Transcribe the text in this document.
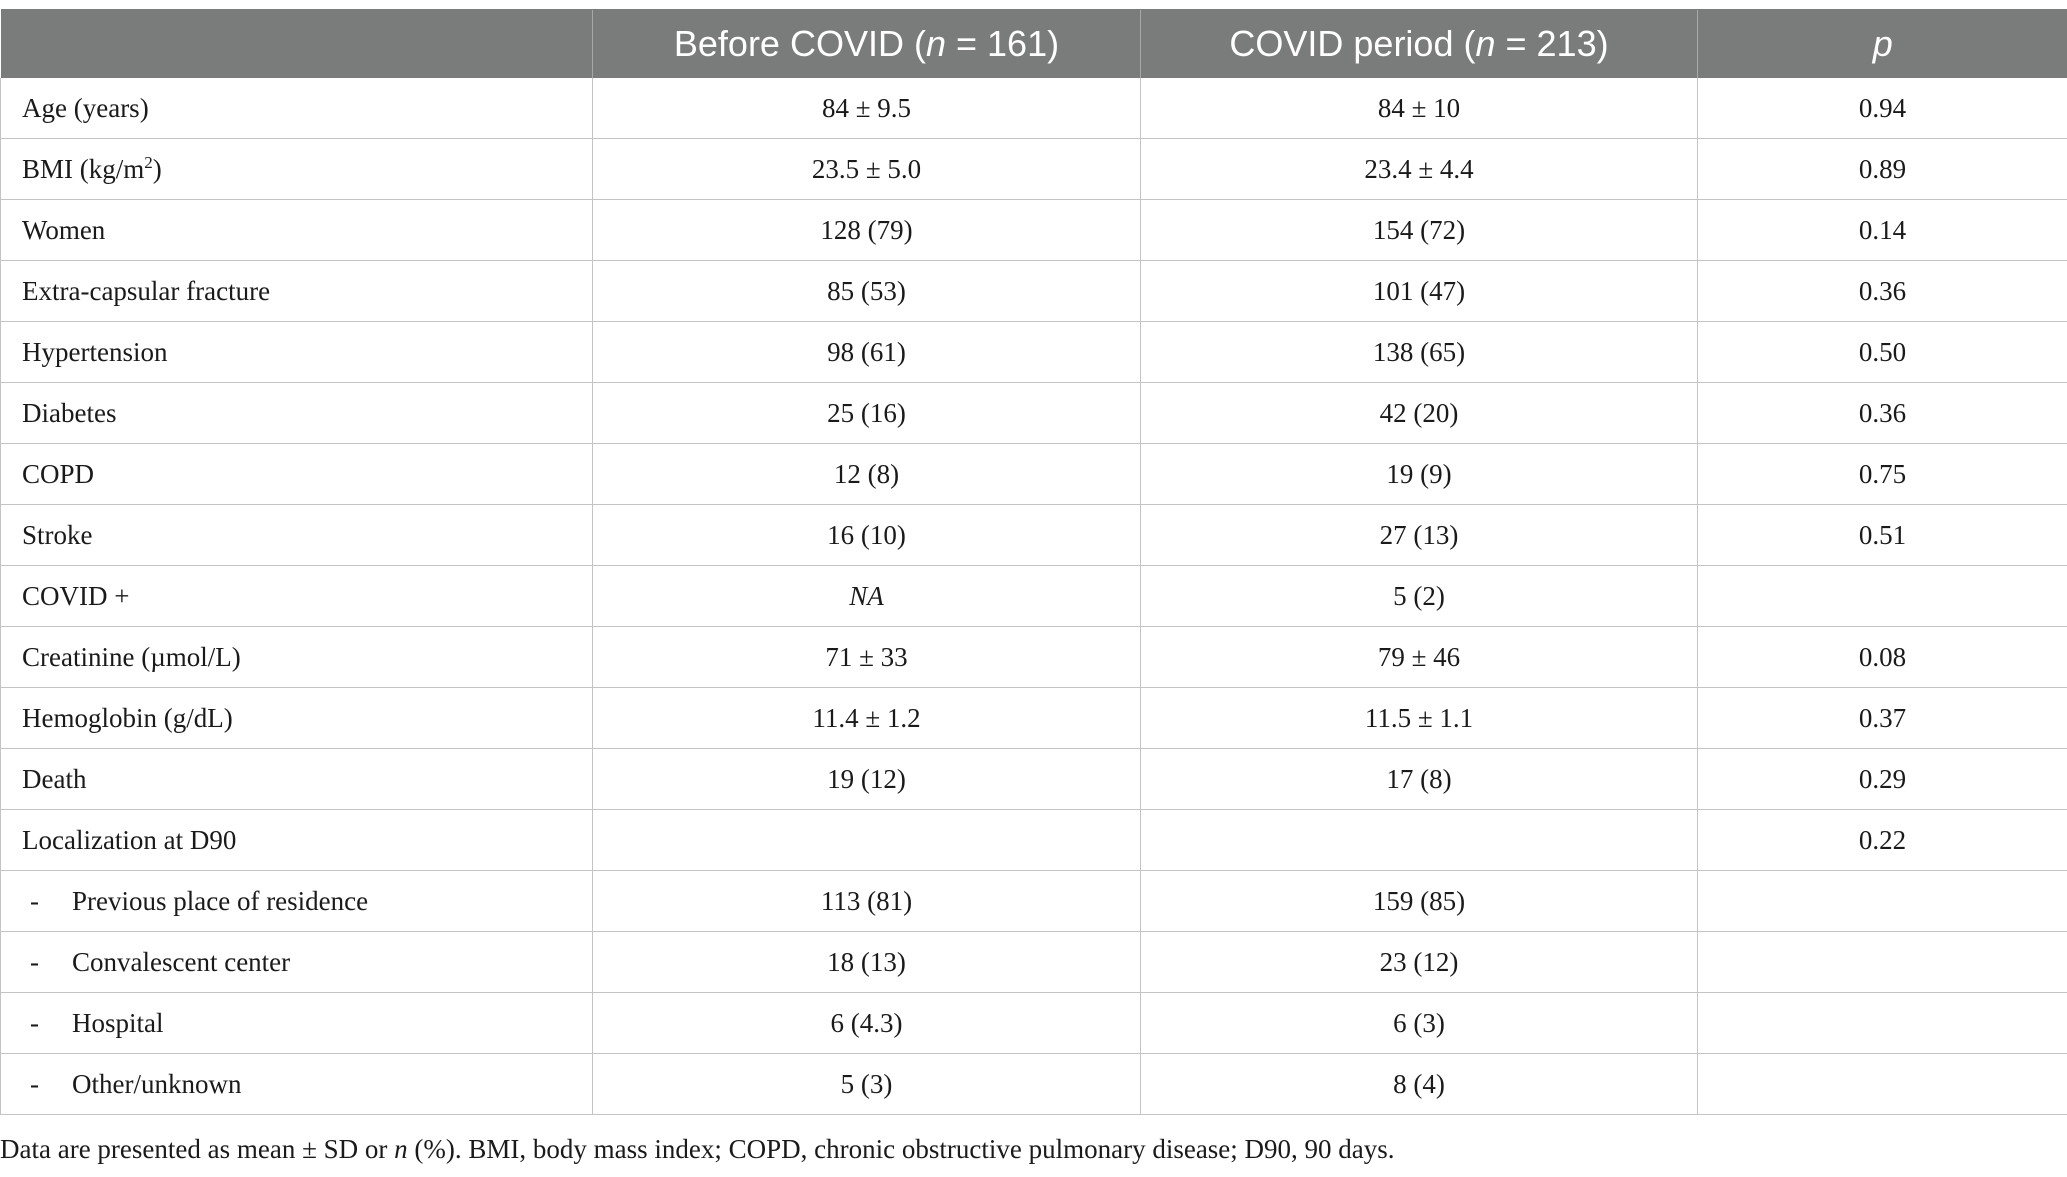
	Before COVID (n = 161)	COVID period (n = 213)	p
Age (years)	84 ± 9.5	84 ± 10	0.94
BMI $(kg/m^2)$	23.5 ± 5.0	23.4 ± 4.4	0.89
Women	128 (79)	154 (72)	0.14
Extra-capsular fracture	85 (53)	101 (47)	0.36
Hypertension	98 (61)	138 (65)	0.50
Diabetes	25 (16)	42 (20)	0.36
COPD	12 (8)	19 (9)	0.75
Stroke	16 (10)	27 (13)	0.51
COVID +	NA	5 (2)	
Creatinine (µmol/L)	71 ± 33	79 ± 46	0.08
Hemoglobin (g/dL)	11.4 ± 1.2	11.5 ± 1.1	0.37
Death	19 (12)	17 (8)	0.29
Localization at D90			0.22
- Previous place of residence	113 (81)	159 (85)	
- Convalescent center	18 (13)	23 (12)	
- Hospital	6 (4.3)	6 (3)	
- Other/unknown	5 (3)	8 (4)	
Data are presented as mean ± SD or n (%). BMI, body mass index; COPD, chronic obstructive pulmonary disease; D90, 90 days.
